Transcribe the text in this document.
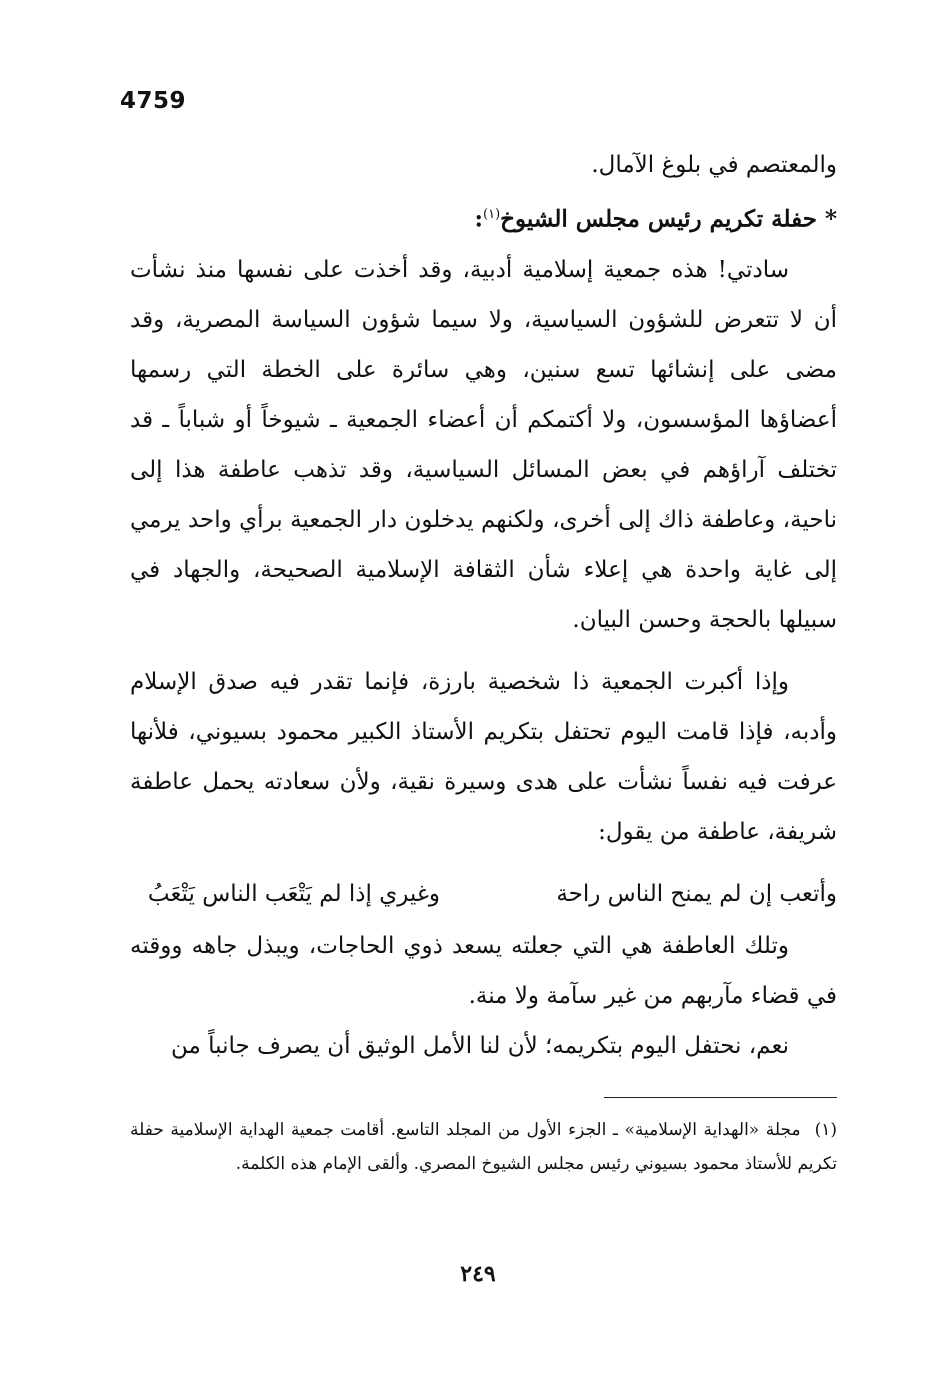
4759

والمعتصم في بلوغ الآمال.

* حفلة تكريم رئيس مجلس الشيوخ$^{(١)}$:

سادتي! هذه جمعية إسلامية أدبية، وقد أخذت على نفسها منذ نشأت أن لا تتعرض للشؤون السياسية، ولا سيما شؤون السياسة المصرية، وقد مضى على إنشائها تسع سنين، وهي سائرة على الخطة التي رسمها أعضاؤها المؤسسون، ولا أكتمكم أن أعضاء الجمعية ـ شيوخاً أو شباباً ـ قد تختلف آراؤهم في بعض المسائل السياسية، وقد تذهب عاطفة هذا إلى ناحية، وعاطفة ذاك إلى أخرى، ولكنهم يدخلون دار الجمعية برأي واحد يرمي إلى غاية واحدة هي إعلاء شأن الثقافة الإسلامية الصحيحة، والجهاد في سبيلها بالحجة وحسن البيان.

وإذا أكبرت الجمعية ذا شخصية بارزة، فإنما تقدر فيه صدق الإسلام وأدبه، فإذا قامت اليوم تحتفل بتكريم الأستاذ الكبير محمود بسيوني، فلأنها عرفت فيه نفساً نشأت على هدى وسيرة نقية، ولأن سعادته يحمل عاطفة شريفة، عاطفة من يقول:

وأتعب إن لم يمنح الناس راحة
وغيري إذا لم يَتْعَب الناس يَتْعَبُ

وتلك العاطفة هي التي جعلته يسعد ذوي الحاجات، ويبذل جاهه ووقته في قضاء مآربهم من غير سآمة ولا منة.

نعم، نحتفل اليوم بتكريمه؛ لأن لنا الأمل الوثيق أن يصرف جانباً من

(١)مجلة «الهداية الإسلامية» ـ الجزء الأول من المجلد التاسع. أقامت جمعية الهداية الإسلامية حفلة تكريم للأستاذ محمود بسيوني رئيس مجلس الشيوخ المصري. وألقى الإمام هذه الكلمة.
٢٤٩
